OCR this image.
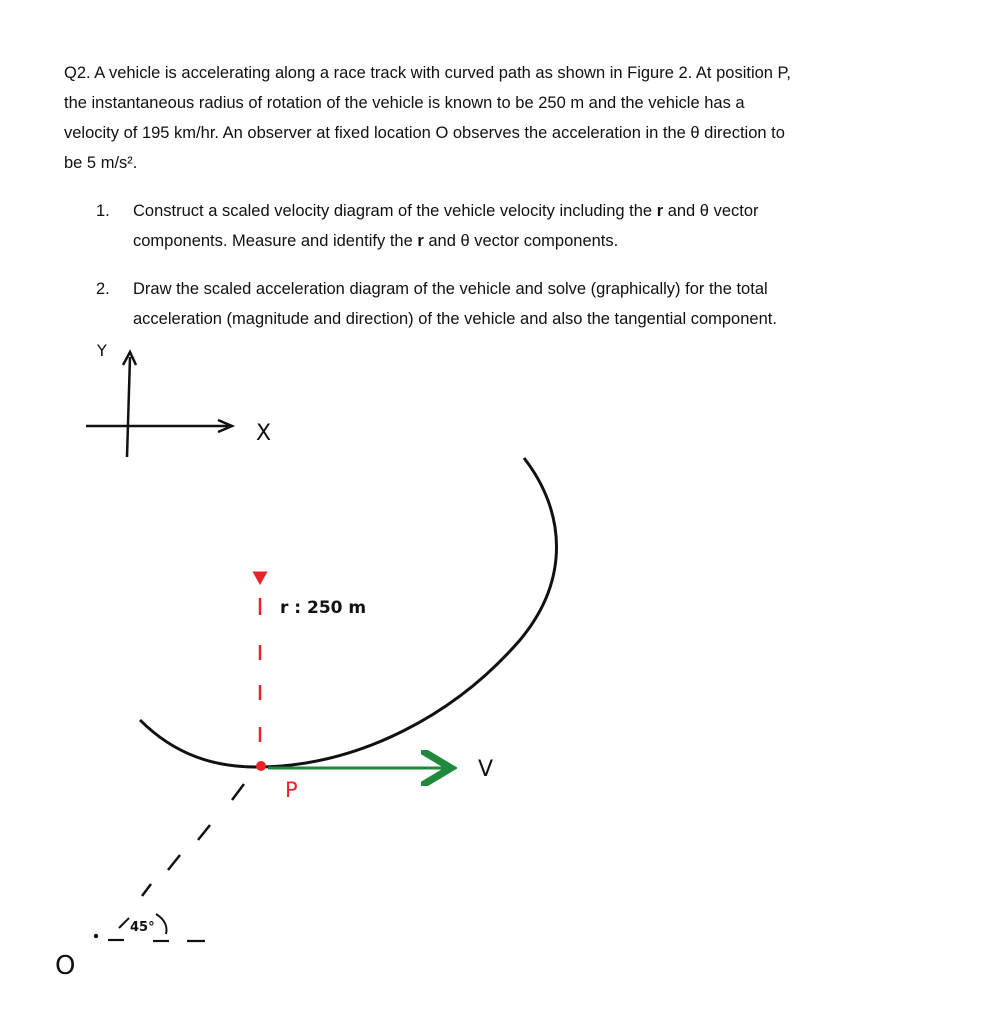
Q2. A vehicle is accelerating along a race track with curved path as shown in Figure 2. At position P,

the instantaneous radius of rotation of the vehicle is known to be 250 m and the vehicle has a

velocity of 195 km/hr. An observer at fixed location O observes the acceleration in the θ direction to

be 5 m/s².

1. Construct a scaled velocity diagram of the vehicle velocity including the r and θ vector
components. Measure and identify the r and θ vector components.
2. Draw the scaled acceleration diagram of the vehicle and solve (graphically) for the total
acceleration (magnitude and direction) of the vehicle and also the tangential component.
Y
X
r : 250 m
P
V
45°
O
